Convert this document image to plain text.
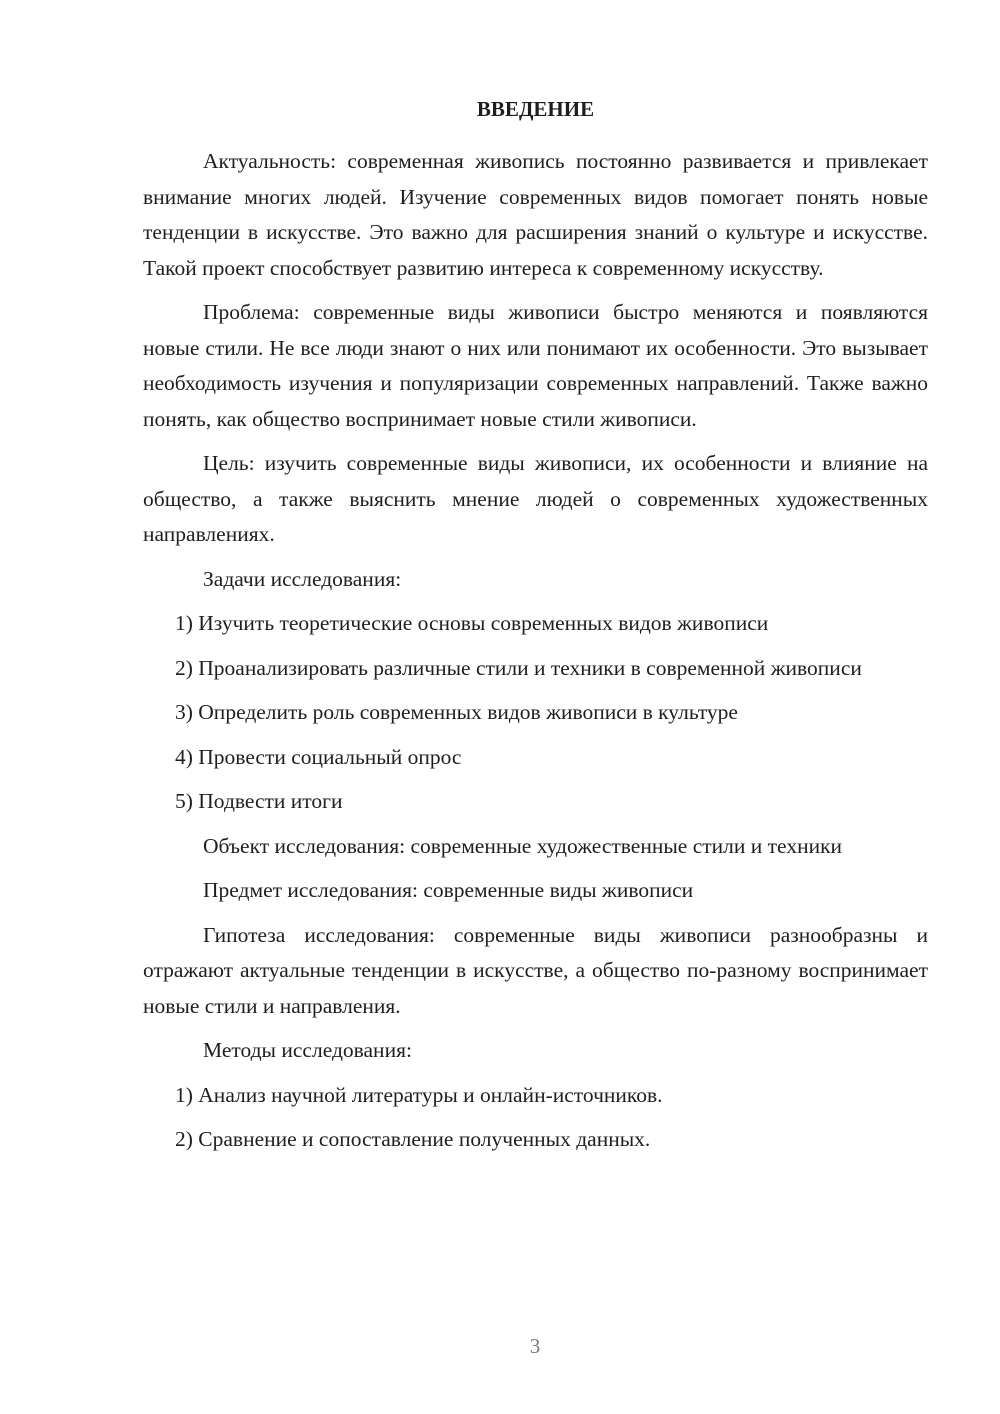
ВВЕДЕНИЕ

Актуальность: современная живопись постоянно развивается и привлекает внимание многих людей. Изучение современных видов помогает понять новые тенденции в искусстве. Это важно для расширения знаний о культуре и искусстве. Такой проект способствует развитию интереса к современному искусству.

Проблема: современные виды живописи быстро меняются и появляются новые стили. Не все люди знают о них или понимают их особенности. Это вызывает необходимость изучения и популяризации современных направлений. Также важно понять, как общество воспринимает новые стили живописи.

Цель: изучить современные виды живописи, их особенности и влияние на общество, а также выяснить мнение людей о современных художественных направлениях.

Задачи исследования:

1) Изучить теоретические основы современных видов живописи

2) Проанализировать различные стили и техники в современной живописи

3) Определить роль современных видов живописи в культуре

4) Провести социальный опрос

5) Подвести итоги

Объект исследования: современные художественные стили и техники

Предмет исследования: современные виды живописи

Гипотеза исследования: современные виды живописи разнообразны и отражают актуальные тенденции в искусстве, а общество по-разному воспринимает новые стили и направления.

Методы исследования:

1) Анализ научной литературы и онлайн-источников.

2) Сравнение и сопоставление полученных данных.

3
